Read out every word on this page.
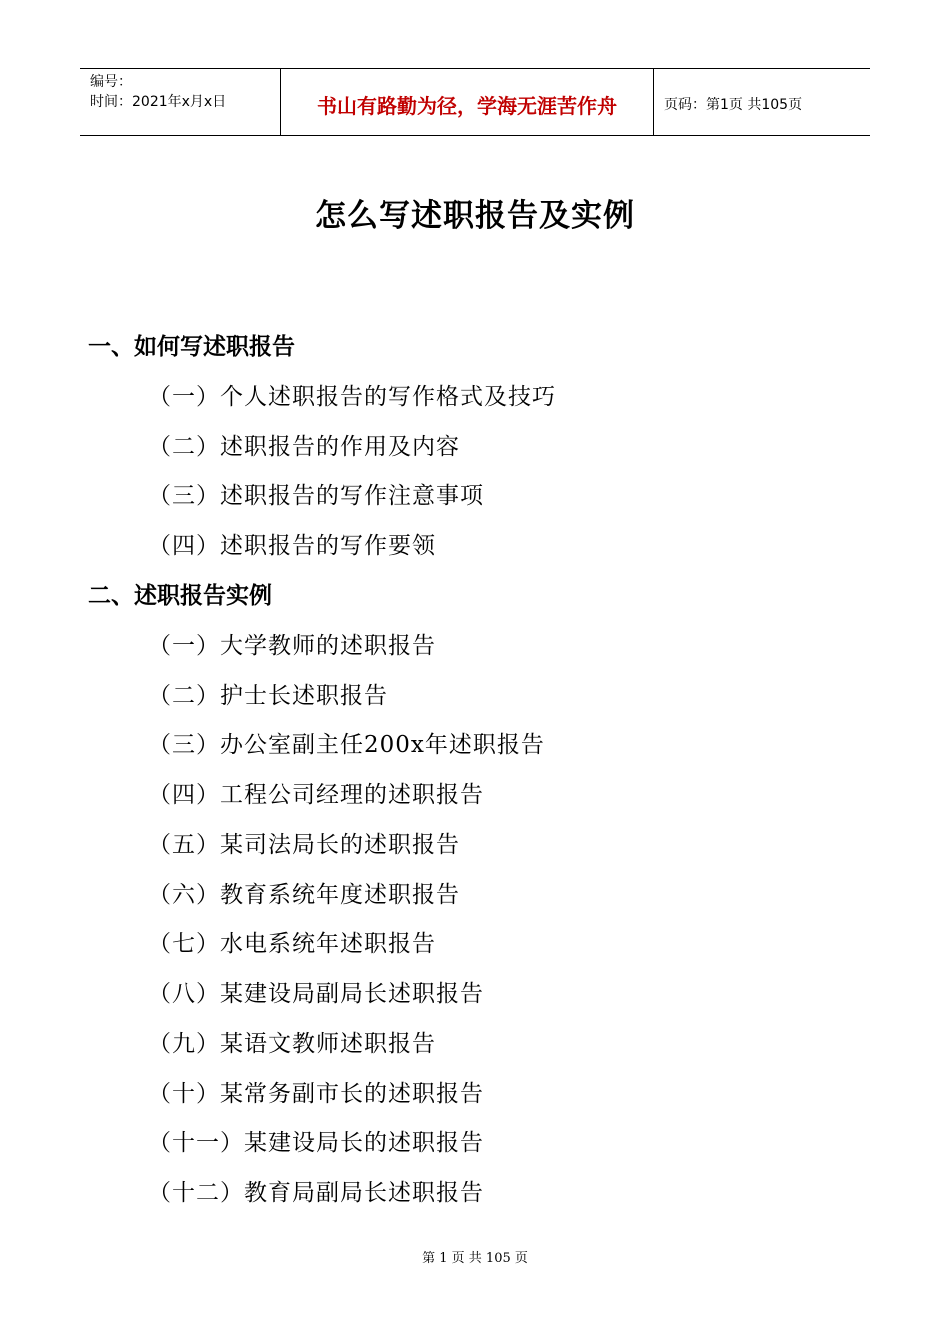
编号：
时间：2021年x月x日	书山有路勤为径，学海无涯苦作舟	页码：第1页 共105页
怎么写述职报告及实例
一、如何写述职报告
（一）个人述职报告的写作格式及技巧
（二）述职报告的作用及内容
（三）述职报告的写作注意事项
（四）述职报告的写作要领
二、述职报告实例
（一）大学教师的述职报告
（二）护士长述职报告
（三）办公室副主任200x年述职报告
（四）工程公司经理的述职报告
（五）某司法局长的述职报告
（六）教育系统年度述职报告
（七）水电系统年述职报告
（八）某建设局副局长述职报告
（九）某语文教师述职报告
（十）某常务副市长的述职报告
（十一）某建设局长的述职报告
（十二）教育局副局长述职报告
第 1 页 共 105 页
